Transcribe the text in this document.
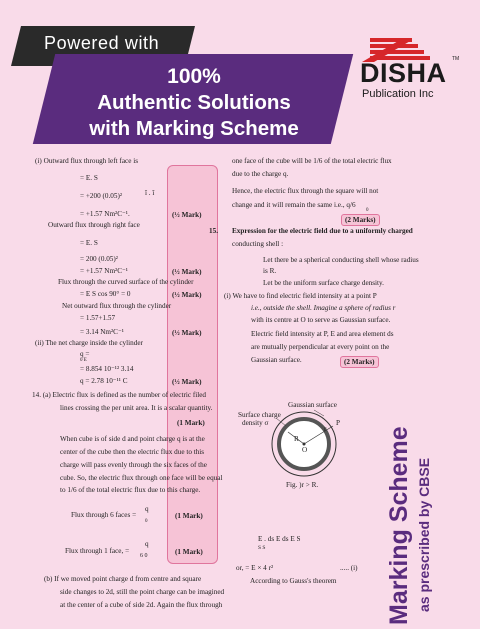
Powered with
100%
Authentic Solutions
with Marking Scheme
DISHA TM
Publication Inc
(i) Outward flux through left face is
= E. S
= +200 (0.05)²	î . î
= +1.57 Nm²C⁻¹.	(½ Mark)
Outward flux through right face
= E. S
= 200 (0.05)²
= +1.57 Nm²C⁻¹	(½ Mark)
Flux through the curved surface of the cylinder
= E S cos 90° = 0	(½ Mark)
Net outward flux through the cylinder
= 1.57+1.57
= 3.14 Nm²C⁻¹	(½ Mark)
(ii) The net charge inside the cylinder
q =
0 E
= 8.854 10⁻¹² 3.14
q = 2.78 10⁻¹¹ C	(½ Mark)
14. (a) Electric flux is defined as the number of electric filed
lines crossing the per unit area. It is a scalar quantity.
(1 Mark)
When cube is of side d and point charge q is at the
center of the cube then the electric flux due to this
charge will pass evenly through the six faces of the
cube. So, the electric flux through one face will be equal
to 1/6 of the total electric flux due to this charge.
Flux through 6 faces =
q
0
(1 Mark)
Flux through 1 face, =
q
6 0	(1 Mark)
(b) If we moved point charge d from centre and square
side changes to 2d, still the point charge can be imagined
at the center of a cube of side 2d. Again the flux through
one face of the cube will be 1/6 of the total electric flux
due to the charge q.
Hence, the electric flux through the square will not
change and it will remain the same i.e., q/6
0
(2 Marks)
15. Expression for the electric field due to a uniformly charged
conducting shell :
Let there be a spherical conducting shell whose radius
is R.
Let be the uniform surface charge density.
(i) We have to find electric field intensity at a point P
i.e., outside the shell. Imagine a sphere of radius r
with its centre at O to serve as Gaussian surface.
Electric field intensity at P, E and area element ds
are mutually perpendicular at every point on the
Gaussian surface.	(2 Marks)
Gaussian surface
Surface charge
density σ
R
O
P
r
Fig. )r > R.
E . ds E ds E S
S S
or, = E × 4 r²	..... (i)
According to Gauss's theorem Marking Scheme as prescribed by CBSE
